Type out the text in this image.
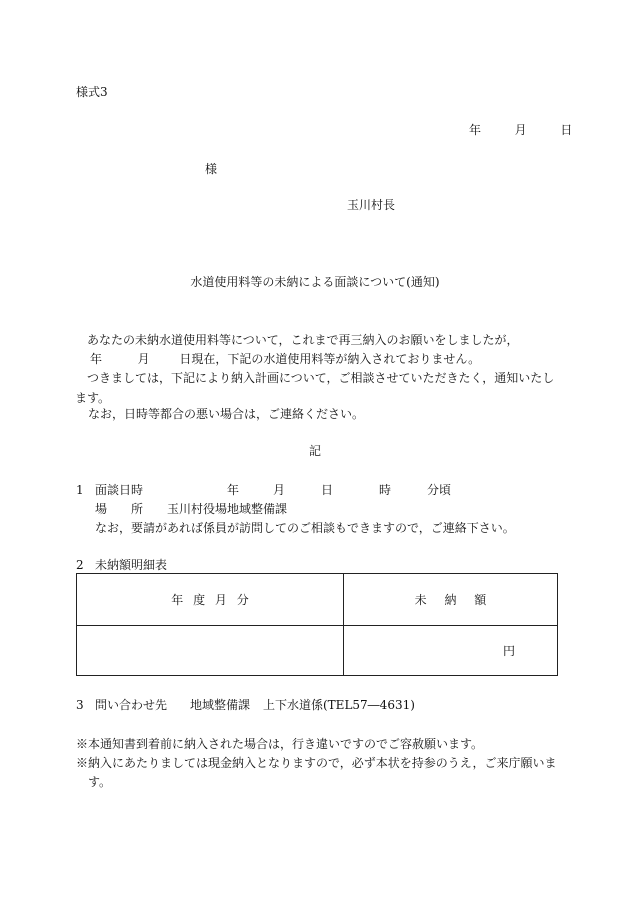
様式3
年	月	日
様
玉川村長
水道使用料等の未納による面談について(通知)
あなたの未納水道使用料等について，これまで再三納入のお願いをしましたが，
年	月 日現在，下記の水道使用料等が納入されておりません。
つきましては，下記により納入計画について，ご相談させていただきたく，通知いたします。
なお，日時等都合の悪い場合は，ご連絡ください。
記
1 面談日時	年	月	日	時	分頃
場 所 玉川村役場地域整備課
なお，要請があれば係員が訪問してのご相談もできますので，ご連絡下さい。
2 未納額明細表
年 度 月 分	未 納 額
	円
3 問い合わせ先 地域整備課 上下水道係(TEL57―4631)
※本通知書到着前に納入された場合は，行き違いですのでご容赦願います。
※納入にあたりましては現金納入となりますので，必ず本状を持参のうえ，ご来庁願います。
